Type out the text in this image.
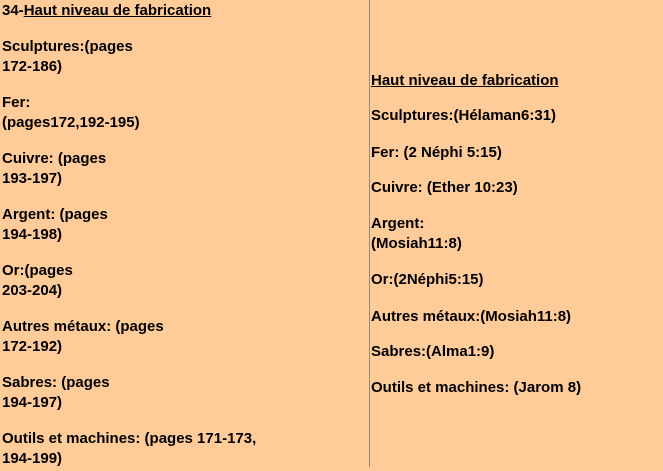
34-Haut niveau de fabrication
Sculptures:(pages
172-186)
Fer:
(pages172,192-195)
Cuivre: (pages
193-197)
Argent: (pages
194-198)
Or:(pages
203-204)
Autres métaux: (pages
172-192)
Sabres: (pages
194-197)
Outils et machines: (pages 171-173,
194-199)
Haut niveau de fabrication
Sculptures:(Hélaman6:31)
Fer: (2 Néphi 5:15)
Cuivre: (Ether 10:23)
Argent:
(Mosiah11:8)
Or:(2Néphi5:15)
Autres métaux:(Mosiah11:8)
Sabres:(Alma1:9)
Outils et machines: (Jarom 8)
